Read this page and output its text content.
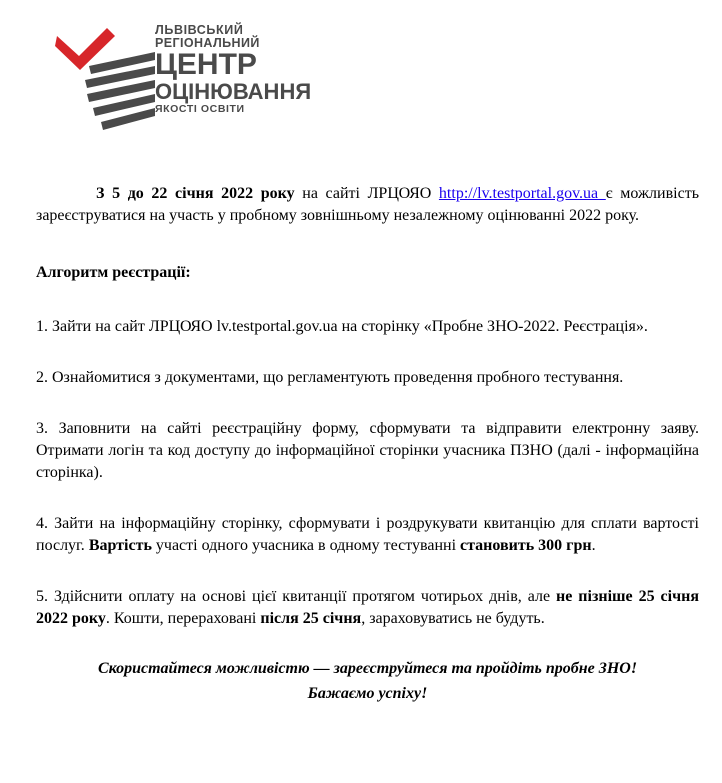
ЛЬВІВСЬКИЙ
РЕГІОНАЛЬНИЙ
ЦЕНТР
ОЦІНЮВАННЯ
ЯКОСТІ ОСВІТИ

З 5 до 22 січня 2022 року на сайті ЛРЦОЯО http://lv.testportal.gov.ua є можливість зареєструватися на участь у пробному зовнішньому незалежному оцінюванні 2022 року.

Алгоритм реєстрації:

1. Зайти на сайт ЛРЦОЯО lv.testportal.gov.ua на сторінку «Пробне ЗНО-2022. Реєстрація».

2. Ознайомитися з документами, що регламентують проведення пробного тестування.

3. Заповнити на сайті реєстраційну форму, сформувати та відправити електронну заяву. Отримати логін та код доступу до інформаційної сторінки учасника ПЗНО (далі - інформаційна сторінка).

4. Зайти на інформаційну сторінку, сформувати і роздрукувати квитанцію для сплати вартості послуг. Вартість участі одного учасника в одному тестуванні становить 300 грн.

5. Здійснити оплату на основі цієї квитанції протягом чотирьох днів, але не пізніше 25 січня 2022 року. Кошти, перераховані після 25 січня, зараховуватись не будуть.

Скористайтеся можливістю — зареєструйтеся та пройдіть пробне ЗНО!
Бажаємо успіху!
